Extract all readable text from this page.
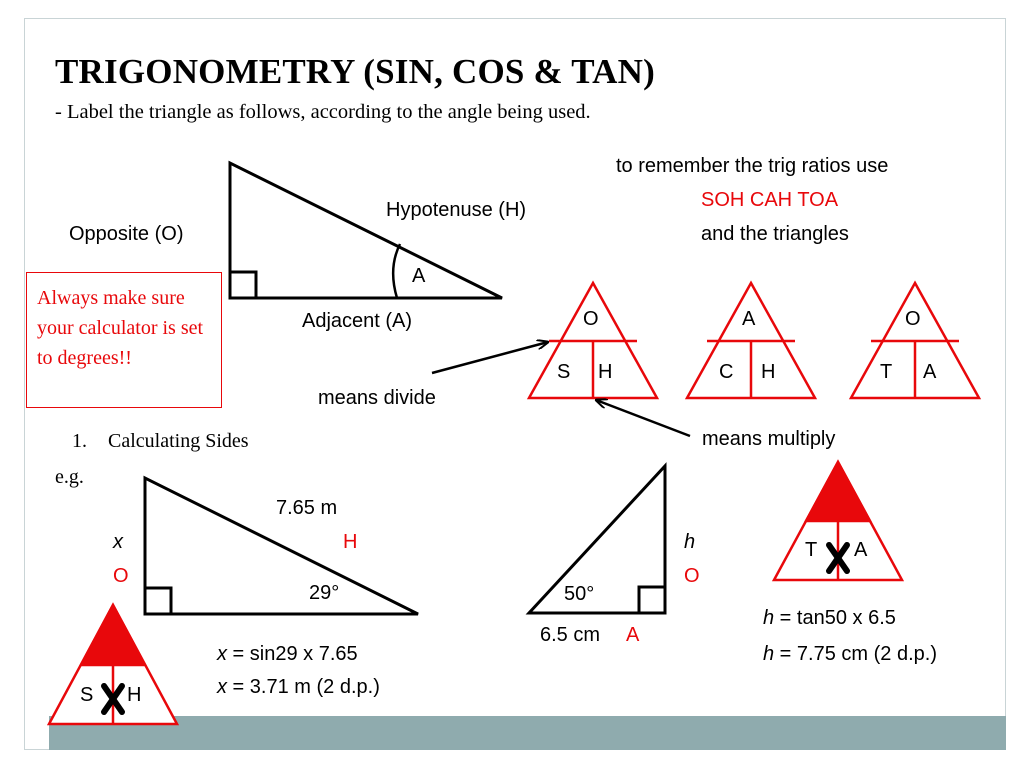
TRIGONOMETRY (SIN, COS & TAN)
- Label the triangle as follows, according to the angle being used.
Opposite (O)
Hypotenuse (H)
A
Adjacent (A)
to remember the trig ratios use
SOH CAH TOA
and the triangles
Always make sure your calculator is set to degrees!!
O
S H
A
C H
O
T A
means divide
means multiply
1. Calculating Sides
e.g.
7.65 m
H
x
O
29°
x = sin29 x 7.65
x = 3.71 m (2 d.p.)
S H
h
O
50°
6.5 cm A
T A
h = tan50 x 6.5
h = 7.75 cm (2 d.p.)
